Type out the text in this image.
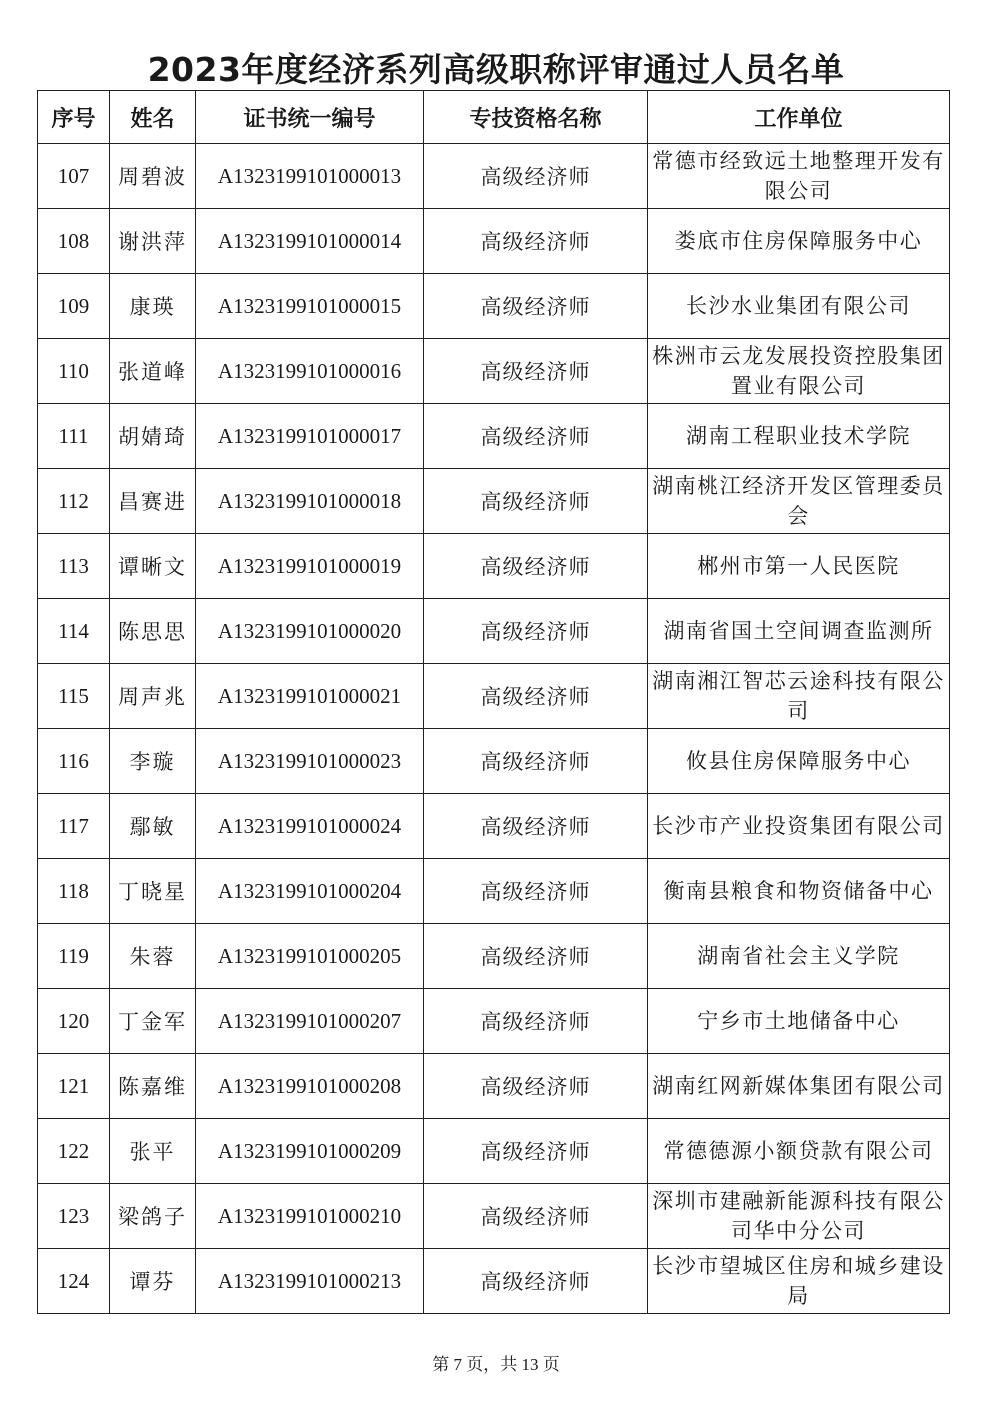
2023年度经济系列高级职称评审通过人员名单
序号	姓名	证书统一编号	专技资格名称	工作单位
107	周碧波	A1323199101000013	高级经济师	常德市经致远土地整理开发有限公司
108	谢洪萍	A1323199101000014	高级经济师	娄底市住房保障服务中心
109	康瑛	A1323199101000015	高级经济师	长沙水业集团有限公司
110	张道峰	A1323199101000016	高级经济师	株洲市云龙发展投资控股集团置业有限公司
111	胡婧琦	A1323199101000017	高级经济师	湖南工程职业技术学院
112	昌赛进	A1323199101000018	高级经济师	湖南桃江经济开发区管理委员会
113	谭晰文	A1323199101000019	高级经济师	郴州市第一人民医院
114	陈思思	A1323199101000020	高级经济师	湖南省国土空间调查监测所
115	周声兆	A1323199101000021	高级经济师	湖南湘江智芯云途科技有限公司
116	李璇	A1323199101000023	高级经济师	攸县住房保障服务中心
117	鄢敏	A1323199101000024	高级经济师	长沙市产业投资集团有限公司
118	丁晓星	A1323199101000204	高级经济师	衡南县粮食和物资储备中心
119	朱蓉	A1323199101000205	高级经济师	湖南省社会主义学院
120	丁金军	A1323199101000207	高级经济师	宁乡市土地储备中心
121	陈嘉维	A1323199101000208	高级经济师	湖南红网新媒体集团有限公司
122	张平	A1323199101000209	高级经济师	常德德源小额贷款有限公司
123	梁鸽子	A1323199101000210	高级经济师	深圳市建融新能源科技有限公司华中分公司
124	谭芬	A1323199101000213	高级经济师	长沙市望城区住房和城乡建设局
第 7 页，共 13 页
